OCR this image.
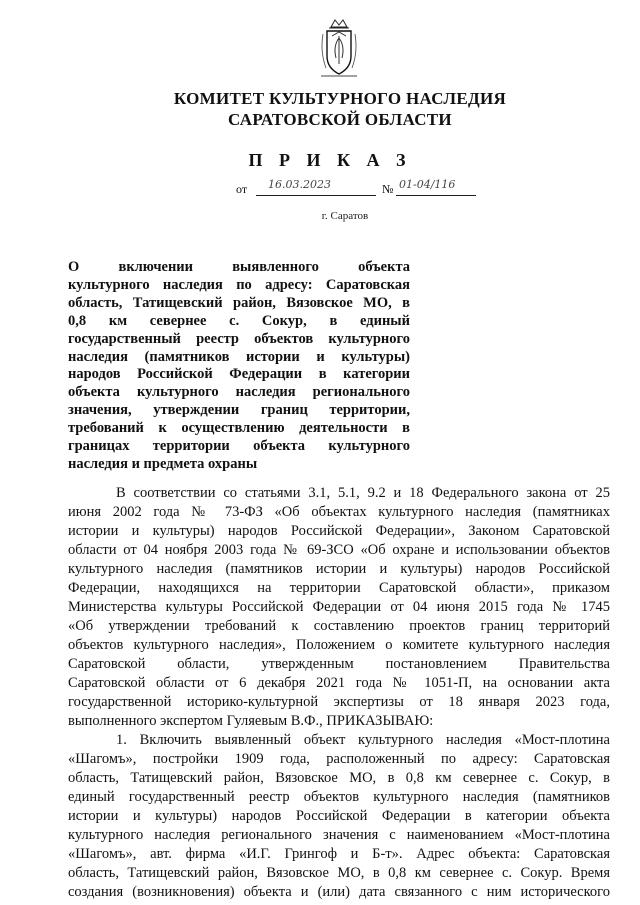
КОМИТЕТ КУЛЬТУРНОГО НАСЛЕДИЯ
САРАТОВСКОЙ ОБЛАСТИ
П Р И К А З
от 16.03.2023	№ 01-04/116
г. Саратов
О включении выявленного объекта
культурного наследия по адресу: Саратовская
область, Татищевский район, Вязовское МО, в
0,8 км севернее с. Сокур, в единый
государственный реестр объектов культурного
наследия (памятников истории и культуры)
народов Российской Федерации в категории
объекта культурного наследия регионального
значения, утверждении границ территории,
требований к осуществлению деятельности в
границах территории объекта культурного
наследия и предмета охраны
В соответствии со статьями 3.1, 5.1, 9.2 и 18 Федерального закона от 25
июня 2002 года № 73-ФЗ «Об объектах культурного наследия (памятниках
истории и культуры) народов Российской Федерации», Законом Саратовской
области от 04 ноября 2003 года № 69-ЗСО «Об охране и использовании объектов
культурного наследия (памятников истории и культуры) народов Российской
Федерации, находящихся на территории Саратовской области», приказом
Министерства культуры Российской Федерации от 04 июня 2015 года № 1745
«Об утверждении требований к составлению проектов границ территорий
объектов культурного наследия», Положением о комитете культурного наследия
Саратовской области, утвержденным постановлением Правительства
Саратовской области от 6 декабря 2021 года № 1051-П, на основании акта
государственной историко-культурной экспертизы от 18 января 2023 года,
выполненного экспертом Гуляевым В.Ф., ПРИКАЗЫВАЮ:
1. Включить выявленный объект культурного наследия «Мост-плотина
«Шагомъ», постройки 1909 года, расположенный по адресу: Саратовская
область, Татищевский район, Вязовское МО, в 0,8 км севернее с. Сокур, в
единый государственный реестр объектов культурного наследия (памятников
истории и культуры) народов Российской Федерации в категории объекта
культурного наследия регионального значения с наименованием «Мост-плотина
«Шагомъ», авт. фирма «И.Г. Грингоф и Б-т». Адрес объекта: Саратовская
область, Татищевский район, Вязовское МО, в 0,8 км севернее с. Сокур. Время
создания (возникновения) объекта и (или) дата связанного с ним исторического
